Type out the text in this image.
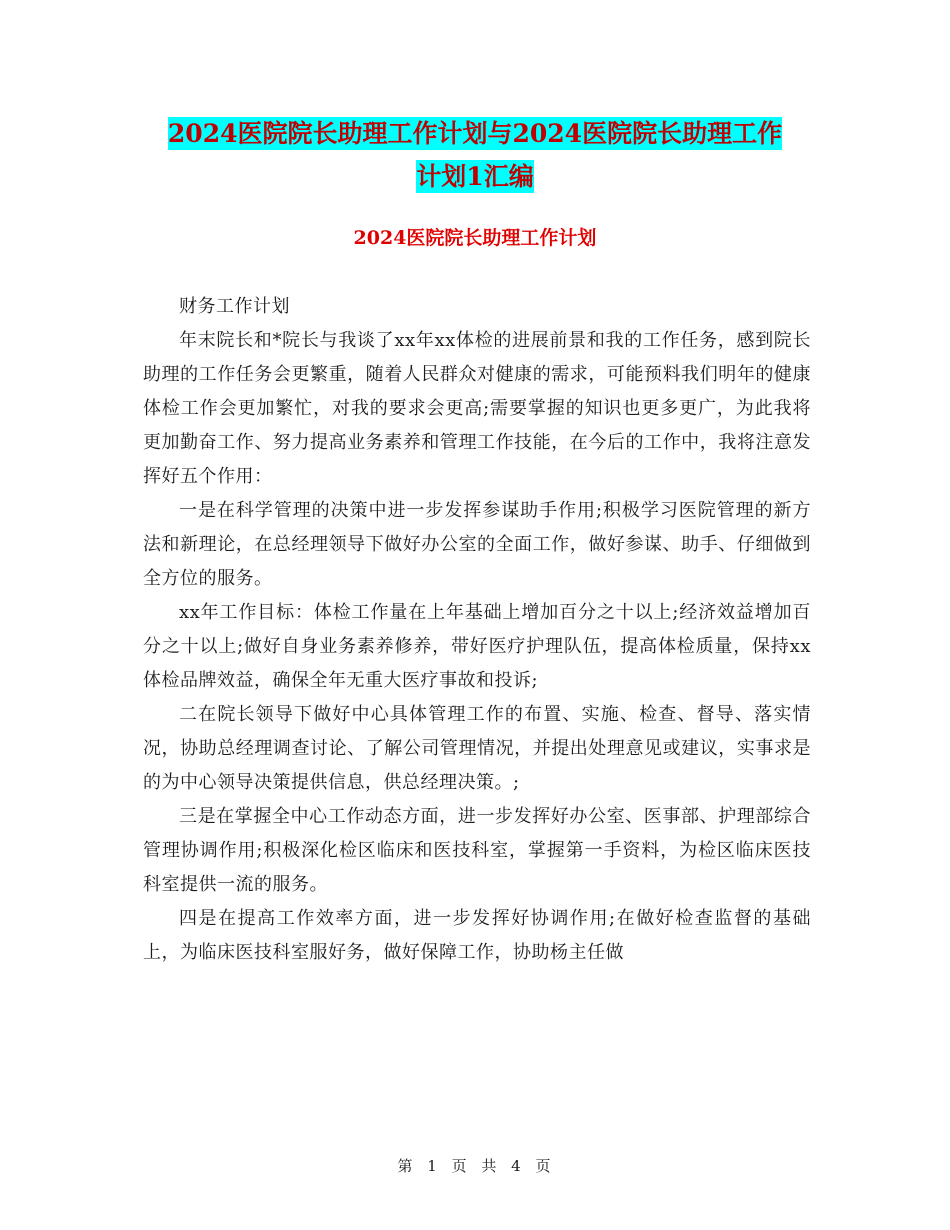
2024医院院长助理工作计划与2024医院院长助理工作
计划1汇编
2024医院院长助理工作计划

财务工作计划

年末院长和*院长与我谈了xx年xx体检的进展前景和我的工作任务，感到院长助理的工作任务会更繁重，随着人民群众对健康的需求，可能预料我们明年的健康体检工作会更加繁忙，对我的要求会更高;需要掌握的知识也更多更广，为此我将更加勤奋工作、努力提高业务素养和管理工作技能，在今后的工作中，我将注意发挥好五个作用：

一是在科学管理的决策中进一步发挥参谋助手作用;积极学习医院管理的新方法和新理论，在总经理领导下做好办公室的全面工作，做好参谋、助手、仔细做到全方位的服务。

xx年工作目标：体检工作量在上年基础上增加百分之十以上;经济效益增加百分之十以上;做好自身业务素养修养，带好医疗护理队伍，提高体检质量，保持xx体检品牌效益，确保全年无重大医疗事故和投诉;

二在院长领导下做好中心具体管理工作的布置、实施、检查、督导、落实情况，协助总经理调查讨论、了解公司管理情况，并提出处理意见或建议，实事求是的为中心领导决策提供信息，供总经理决策。;

三是在掌握全中心工作动态方面，进一步发挥好办公室、医事部、护理部综合管理协调作用;积极深化检区临床和医技科室，掌握第一手资料，为检区临床医技科室提供一流的服务。

四是在提高工作效率方面，进一步发挥好协调作用;在做好检查监督的基础上，为临床医技科室服好务，做好保障工作，协助杨主任做

第 1 页 共 4 页
